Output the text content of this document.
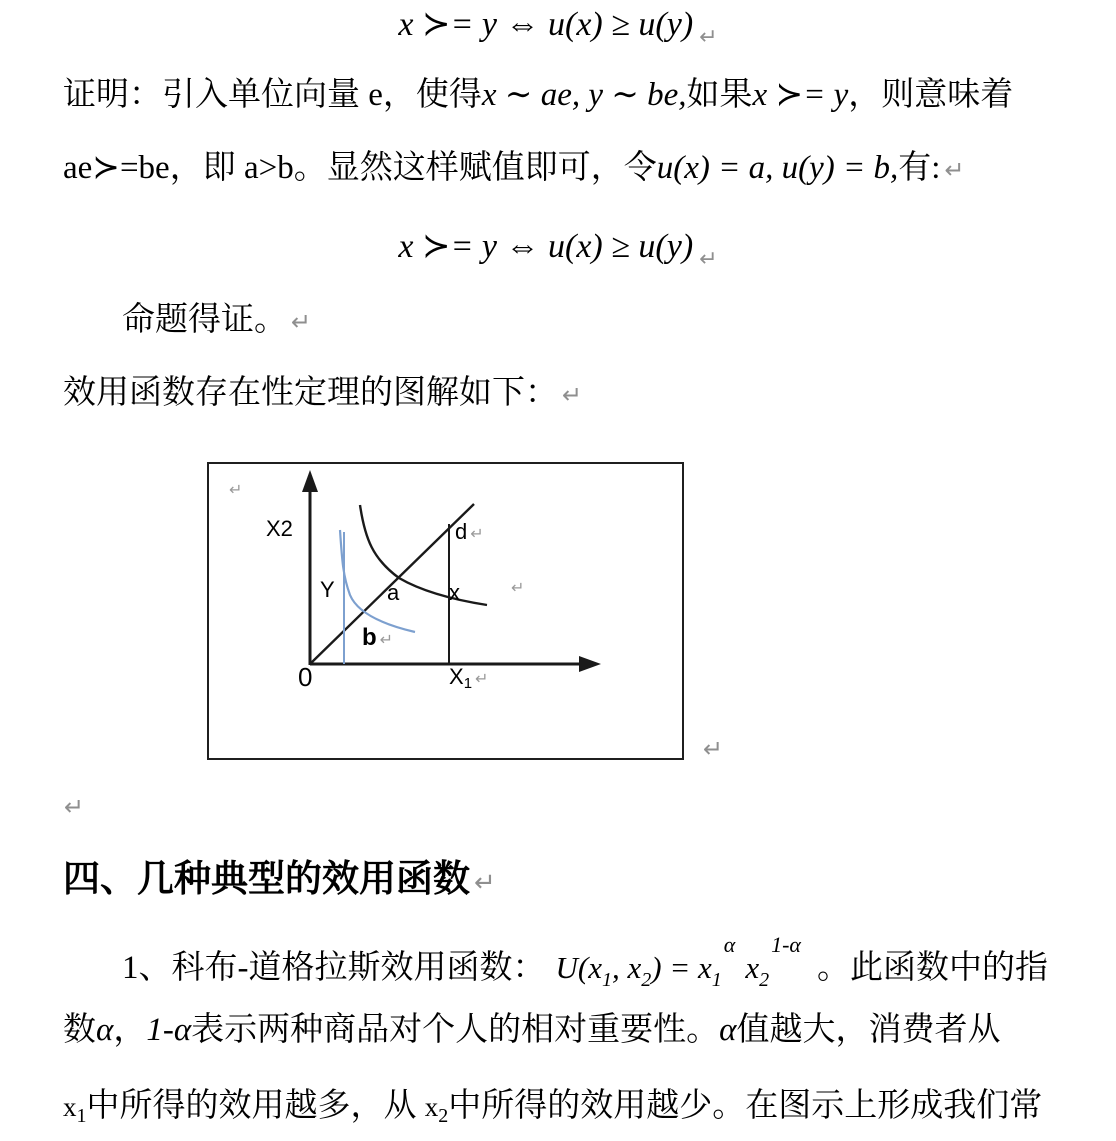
x ≻= y ⇔ u(x) ≥ u(y) $_↵$
证明：引入单位向量 e，使得x ∼ ae, y ∼ be,如果x ≻= y，则意味着
ae≻=be，即 a>b。显然这样赋值即可，令u(x) = a, u(y) = b,有: ↵
x ≻= y ⇔ u(x) ≥ u(y) $_↵$
命题得证。 ↵
效用函数存在性定理的图解如下： ↵
↵
X2
Y a x
d ↵
b ↵
0	X1 ↵
↵
↵
↵
四、几种典型的效用函数 ↵
1、科布-道格拉斯效用函数： $U(x_1$, $x_2) = x_1^\alpha x_2^{1-\alpha}$。此函数中的指
数α，1-α表示两种商品对个人的相对重要性。α值越大，消费者从
x1中所得的效用越多，从 x2中所得的效用越少。在图示上形成我们常
